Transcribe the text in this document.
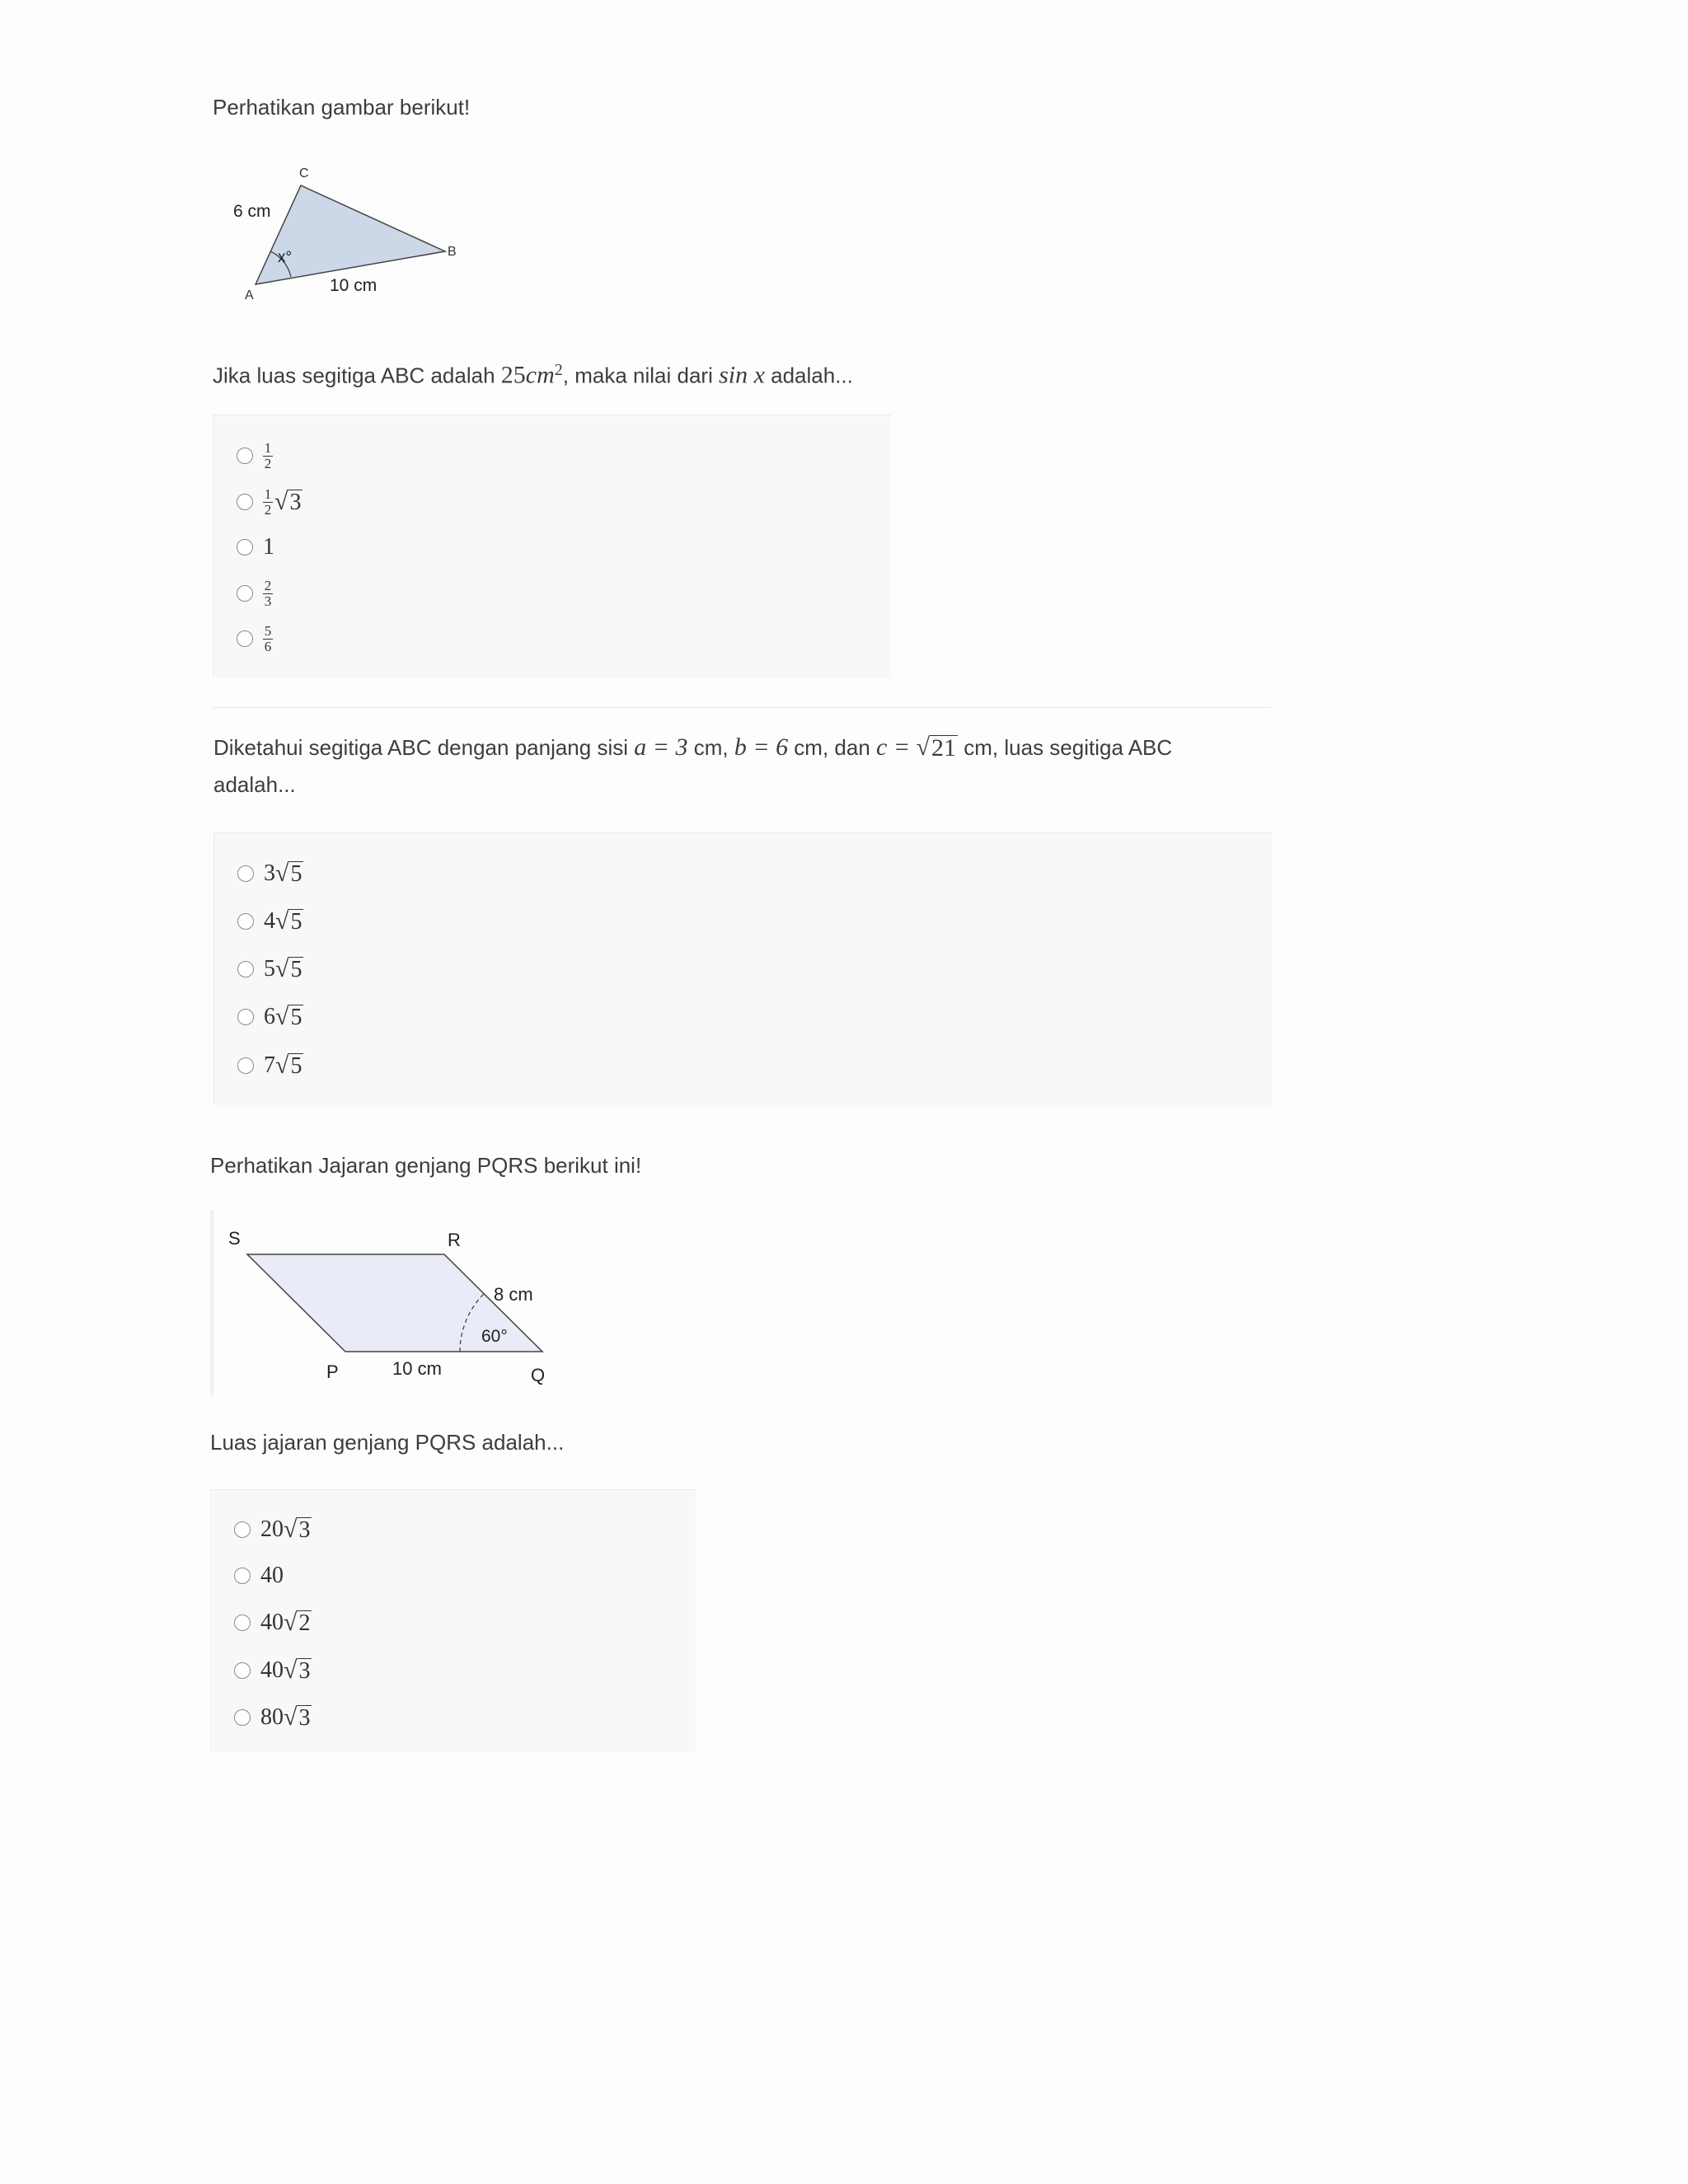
Perhatikan gambar berikut!
C
A
B
6 cm
10 cm
x°
Jika luas segitiga ABC adalah $25cm^2$, maka nilai dari sin x adalah...
$\frac{1}{2}$
$\frac{1}{2}$ √ 3
1
$\frac{2}{3}$
$\frac{5}{6}$
Diketahui segitiga ABC dengan panjang sisi a = 3 cm, b = 6 cm, dan c = √ 21 cm, luas segitiga ABC
adalah...
3 √ 5
4 √ 5
5 √ 5
6 √ 5
7 √ 5
Perhatikan Jajaran genjang PQRS berikut ini!
S	R
P	Q
8 cm
10 cm
60°
Luas jajaran genjang PQRS adalah...
20 √ 3
40
40 √ 2
40 √ 3
80 √ 3
